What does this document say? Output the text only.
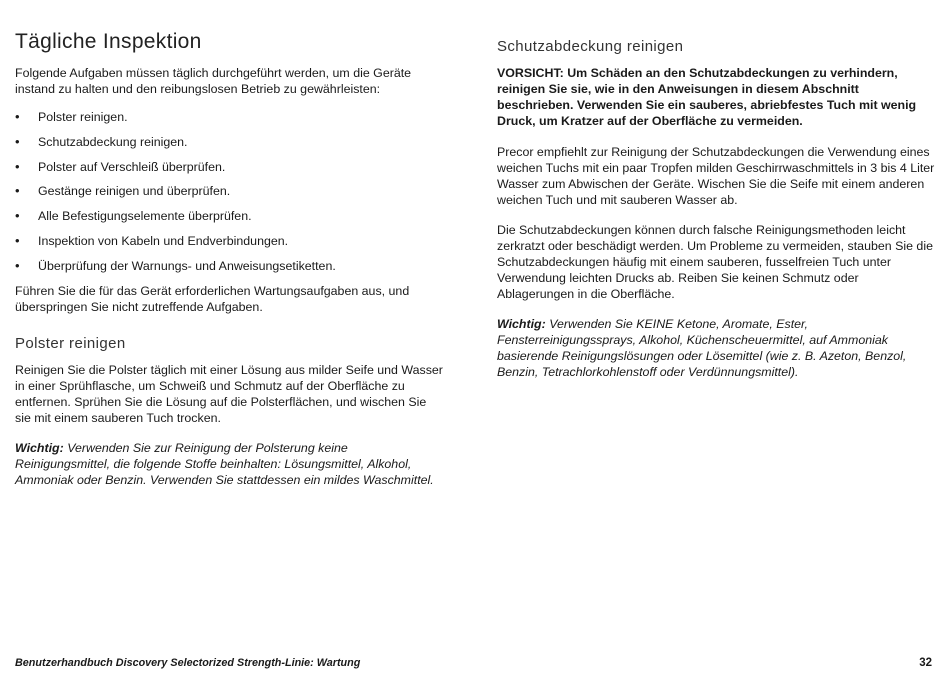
Tägliche Inspektion

Folgende Aufgaben müssen täglich durchgeführt werden, um die Geräte instand zu halten und den reibungslosen Betrieb zu gewährleisten:

• Polster reinigen.
• Schutzabdeckung reinigen.
• Polster auf Verschleiß überprüfen.
• Gestänge reinigen und überprüfen.
• Alle Befestigungselemente überprüfen.
• Inspektion von Kabeln und Endverbindungen.
• Überprüfung der Warnungs- und Anweisungsetiketten.

Führen Sie die für das Gerät erforderlichen Wartungsaufgaben aus, und überspringen Sie nicht zutreffende Aufgaben.

Polster reinigen

Reinigen Sie die Polster täglich mit einer Lösung aus milder Seife und Wasser in einer Sprühflasche, um Schweiß und Schmutz auf der Oberfläche zu entfernen. Sprühen Sie die Lösung auf die Polsterflächen, und wischen Sie sie mit einem sauberen Tuch trocken.

Wichtig: Verwenden Sie zur Reinigung der Polsterung keine Reinigungsmittel, die folgende Stoffe beinhalten: Lösungsmittel, Alkohol, Ammoniak oder Benzin. Verwenden Sie stattdessen ein mildes Waschmittel.

Schutzabdeckung reinigen

VORSICHT: Um Schäden an den Schutzabdeckungen zu verhindern, reinigen Sie sie, wie in den Anweisungen in diesem Abschnitt beschrieben. Verwenden Sie ein sauberes, abriebfestes Tuch mit wenig Druck, um Kratzer auf der Oberfläche zu vermeiden.

Precor empfiehlt zur Reinigung der Schutzabdeckungen die Verwendung eines weichen Tuchs mit ein paar Tropfen milden Geschirrwaschmittels in 3 bis 4 Liter Wasser zum Abwischen der Geräte. Wischen Sie die Seife mit einem anderen weichen Tuch und mit sauberen Wasser ab.

Die Schutzabdeckungen können durch falsche Reinigungsmethoden leicht zerkratzt oder beschädigt werden. Um Probleme zu vermeiden, stauben Sie die Schutzabdeckungen häufig mit einem sauberen, fusselfreien Tuch unter Verwendung leichten Drucks ab. Reiben Sie keinen Schmutz oder Ablagerungen in die Oberfläche.

Wichtig: Verwenden Sie KEINE Ketone, Aromate, Ester, Fensterreinigungssprays, Alkohol, Küchenscheuermittel, auf Ammoniak basierende Reinigungslösungen oder Lösemittel (wie z. B. Azeton, Benzol, Benzin, Tetrachlorkohlenstoff oder Verdünnungsmittel).

Benutzerhandbuch Discovery Selectorized Strength-Linie: Wartung	32
